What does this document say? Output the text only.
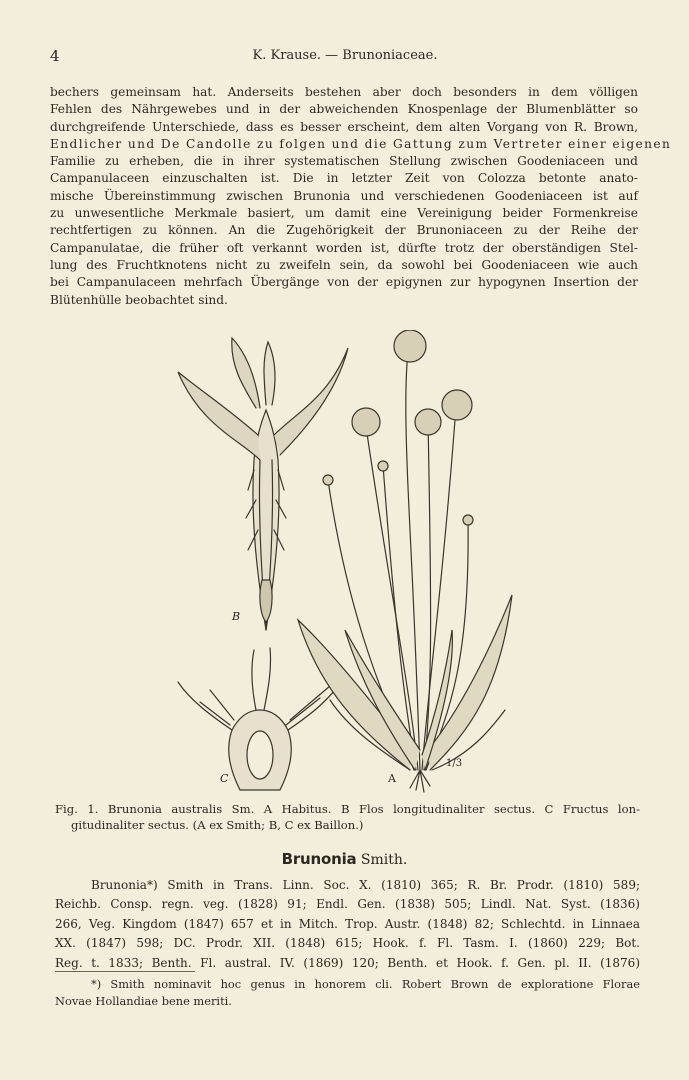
4	K. Krause. — Brunoniaceae.
bechers gemeinsam hat. Anderseits bestehen aber doch besonders in dem völligen
Fehlen des Nährgewebes und in der abweichenden Knospenlage der Blumenblätter so
durchgreifende Unterschiede, dass es besser erscheint, dem alten Vorgang von R. Brown,
Endlicher und De Candolle zu folgen und die Gattung zum Vertreter einer eigenen
Familie zu erheben, die in ihrer systematischen Stellung zwischen Goodeniaceen und
Campanulaceen einzuschalten ist. Die in letzter Zeit von Colozza betonte anato-
mische Übereinstimmung zwischen Brunonia und verschiedenen Goodeniaceen ist auf
zu unwesentliche Merkmale basiert, um damit eine Vereinigung beider Formenkreise
rechtfertigen zu können. An die Zugehörigkeit der Brunoniaceen zu der Reihe der
Campanulatae, die früher oft verkannt worden ist, dürfte trotz der oberständigen Stel-
lung des Fruchtknotens nicht zu zweifeln sein, da sowohl bei Goodeniaceen wie auch
bei Campanulaceen mehrfach Übergänge von der epigynen zur hypogynen Insertion der
Blütenhülle beobachtet sind.
B
C	A
1/3
Fig. 1. Brunonia australis Sm. A Habitus. B Flos longitudinaliter sectus. C Fructus lon-
gitudinaliter sectus. (A ex Smith; B, C ex Baillon.)
Brunonia Smith.
Brunonia*) Smith in Trans. Linn. Soc. X. (1810) 365; R. Br. Prodr. (1810) 589;
Reichb. Consp. regn. veg. (1828) 91; Endl. Gen. (1838) 505; Lindl. Nat. Syst. (1836)
266, Veg. Kingdom (1847) 657 et in Mitch. Trop. Austr. (1848) 82; Schlechtd. in Linnaea
XX. (1847) 598; DC. Prodr. XII. (1848) 615; Hook. f. Fl. Tasm. I. (1860) 229; Bot.
Reg. t. 1833; Benth. Fl. austral. IV. (1869) 120; Benth. et Hook. f. Gen. pl. II. (1876)
*) Smith nominavit hoc genus in honorem cli. Robert Brown de exploratione Florae
Novae Hollandiae bene meriti.
